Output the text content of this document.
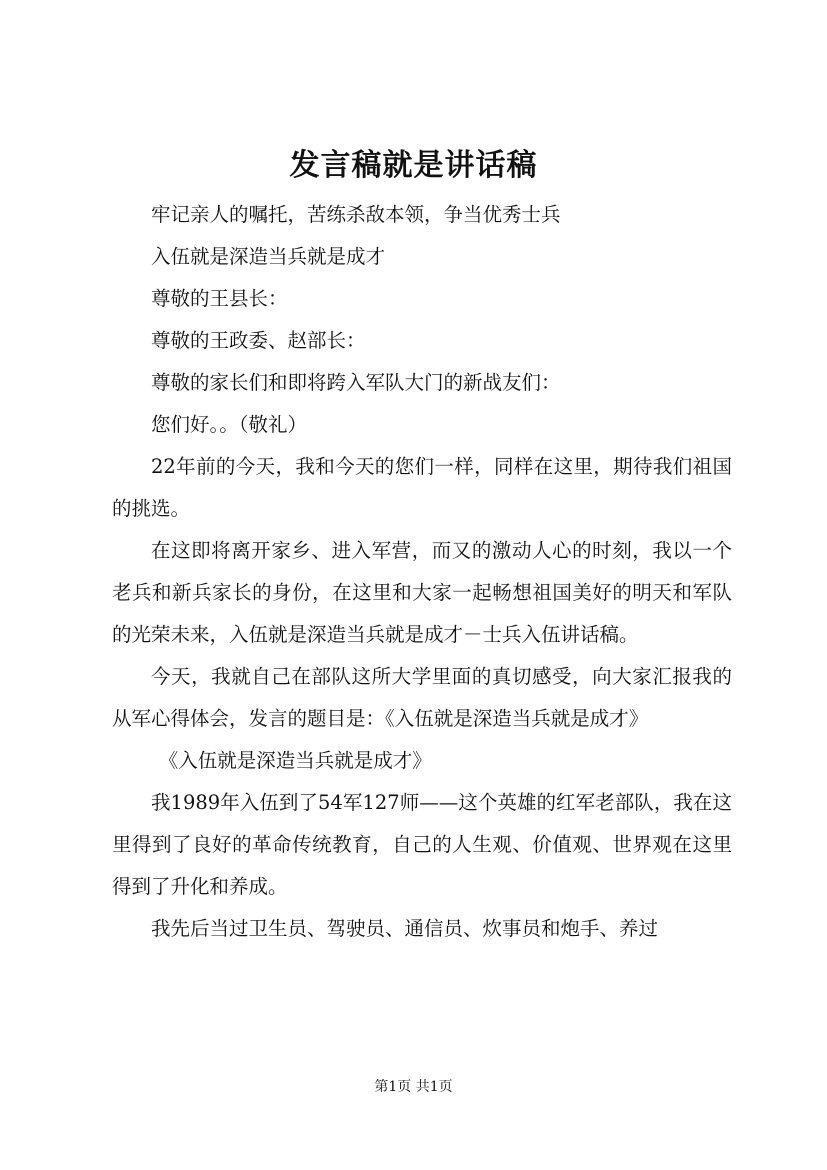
发言稿就是讲话稿

牢记亲人的嘱托，苦练杀敌本领，争当优秀士兵

入伍就是深造当兵就是成才

尊敬的王县长：

尊敬的王政委、赵部长：

尊敬的家长们和即将跨入军队大门的新战友们：

您们好。。（敬礼）

22年前的今天，我和今天的您们一样，同样在这里，期待我们祖国的挑选。

在这即将离开家乡、进入军营，而又的激动人心的时刻，我以一个老兵和新兵家长的身份，在这里和大家一起畅想祖国美好的明天和军队的光荣未来，入伍就是深造当兵就是成才－士兵入伍讲话稿。

今天，我就自己在部队这所大学里面的真切感受，向大家汇报我的从军心得体会，发言的题目是：《入伍就是深造当兵就是成才》

《入伍就是深造当兵就是成才》

我1989年入伍到了54军127师——这个英雄的红军老部队，我在这里得到了良好的革命传统教育，自己的人生观、价值观、世界观在这里得到了升化和养成。

我先后当过卫生员、驾驶员、通信员、炊事员和炮手、养过

第1页 共1页
